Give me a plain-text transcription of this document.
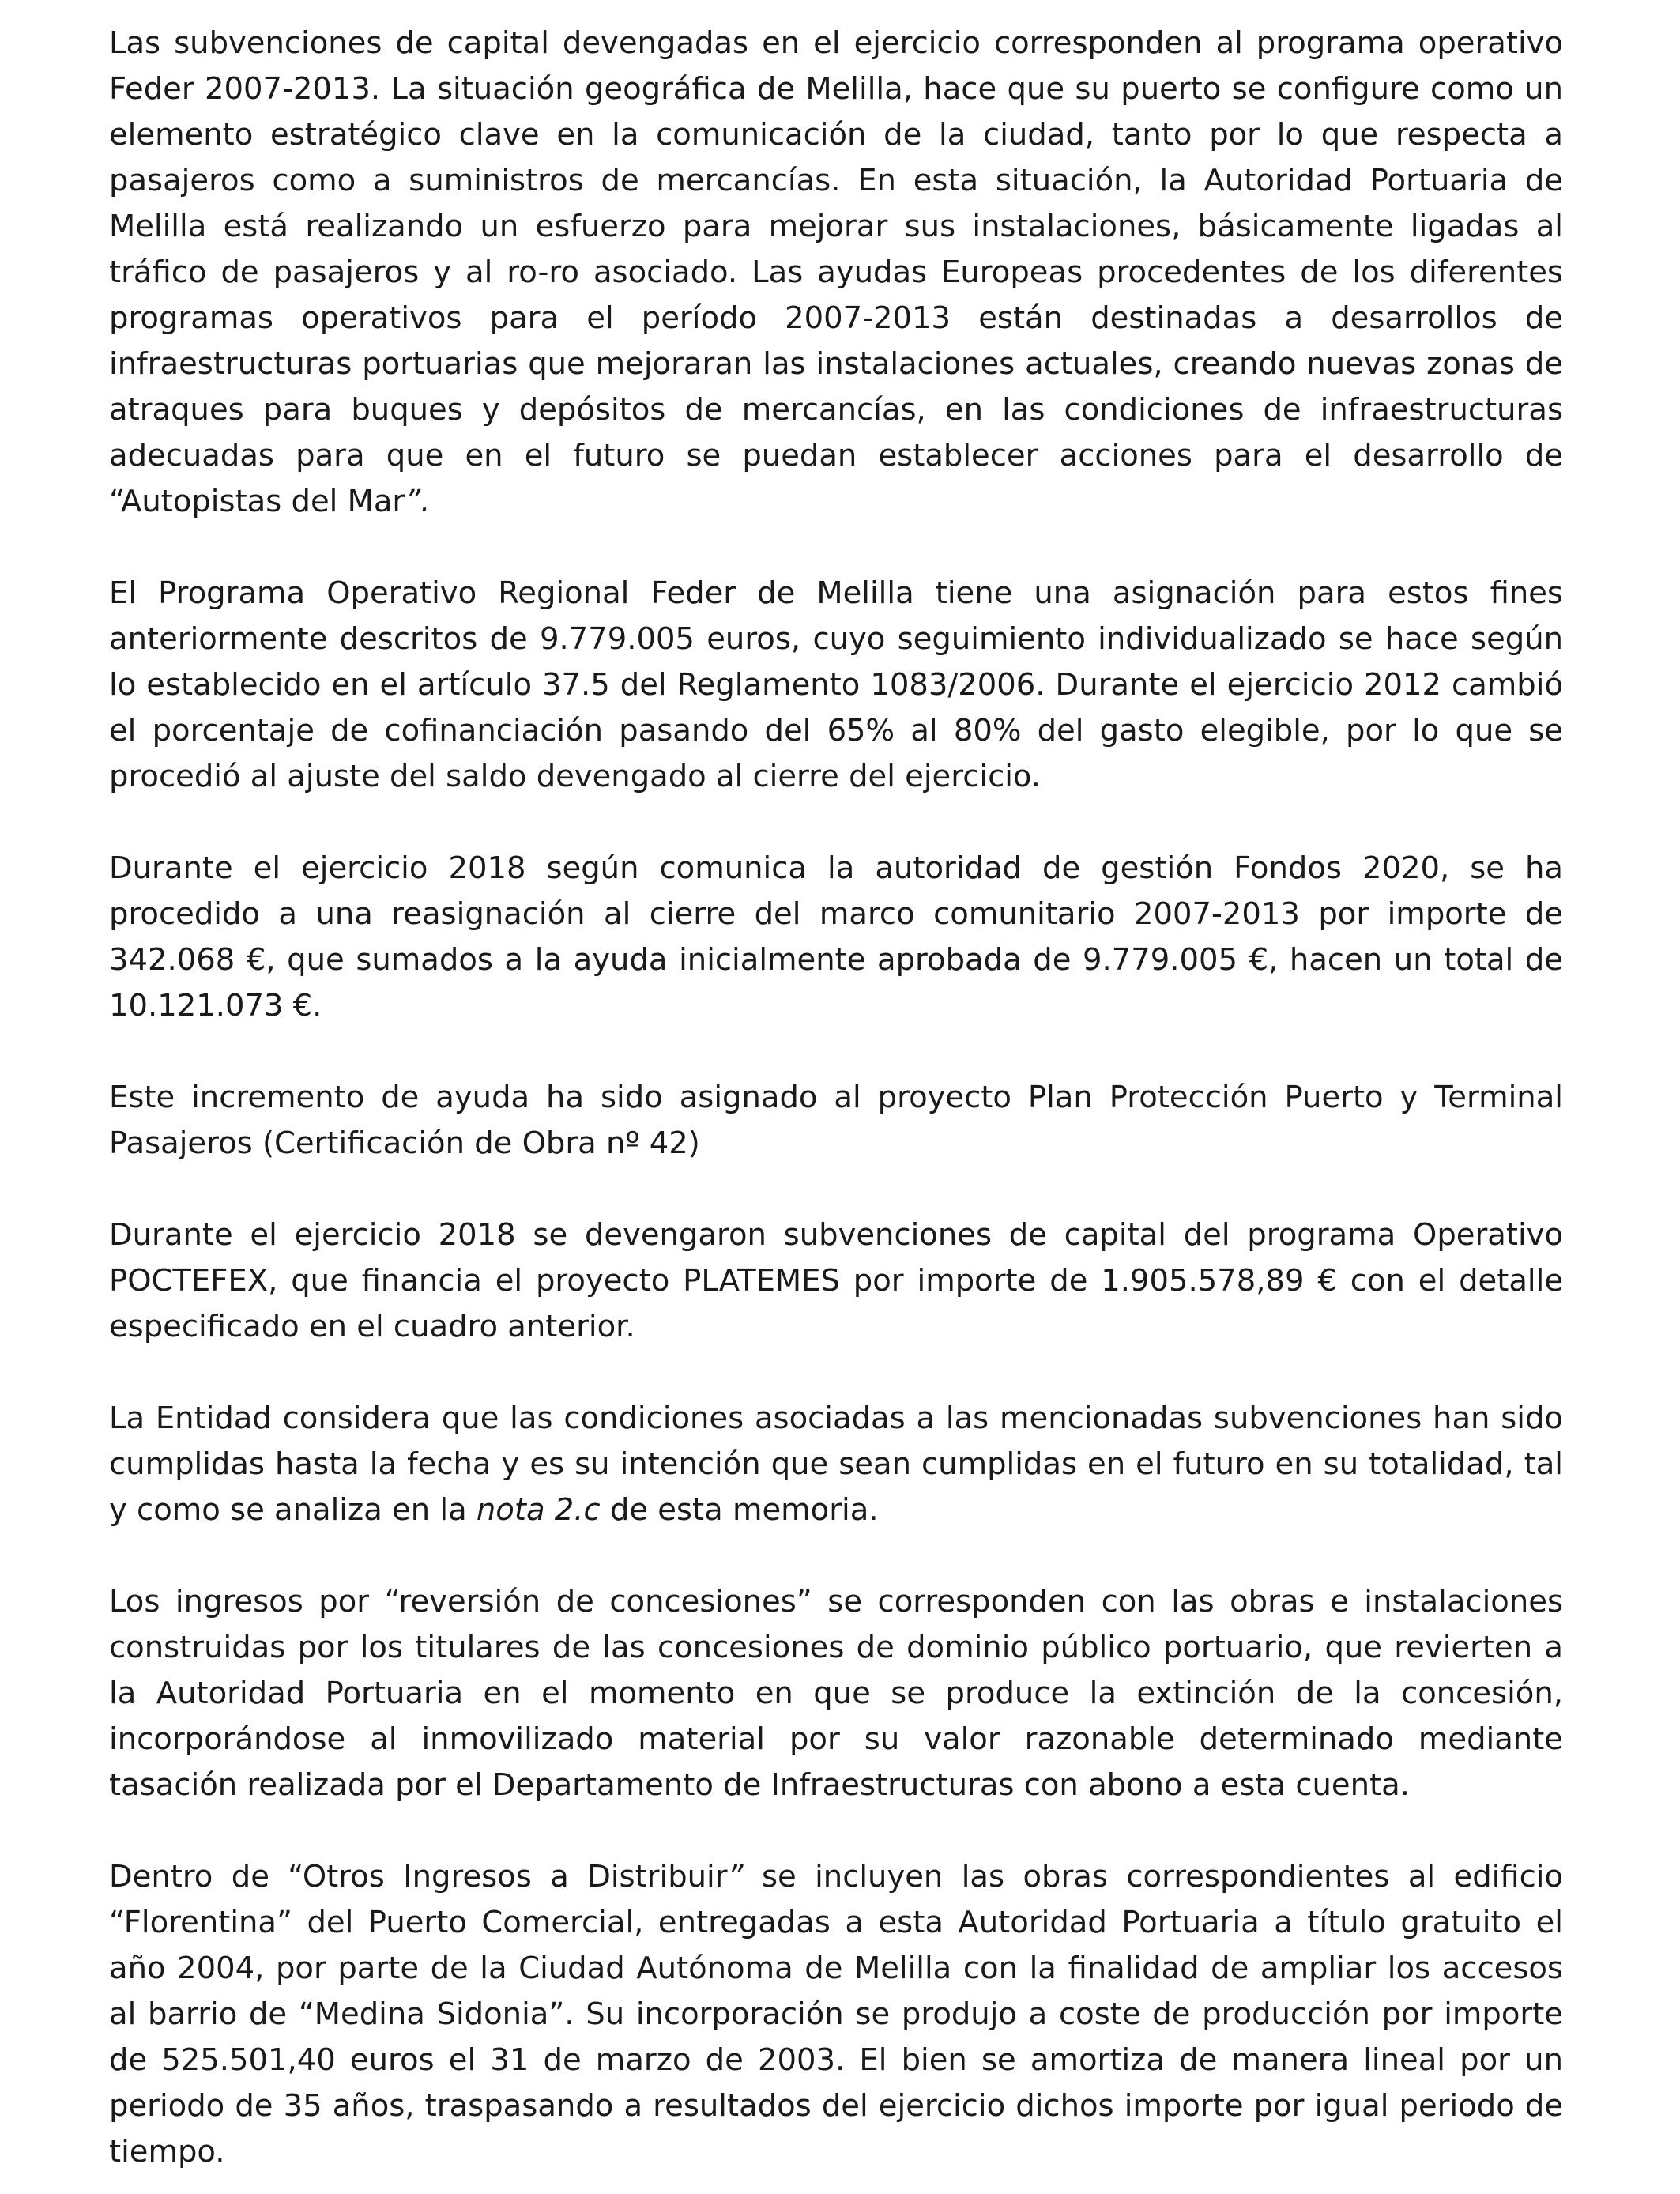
Las subvenciones de capital devengadas en el ejercicio corresponden al programa operativo Feder 2007-2013. La situación geográfica de Melilla, hace que su puerto se configure como un elemento estratégico clave en la comunicación de la ciudad, tanto por lo que respecta a pasajeros como a suministros de mercancías. En esta situación, la Autoridad Portuaria de Melilla está realizando un esfuerzo para mejorar sus instalaciones, básicamente ligadas al tráfico de pasajeros y al ro-ro asociado. Las ayudas Europeas procedentes de los diferentes programas operativos para el período 2007-2013 están destinadas a desarrollos de infraestructuras portuarias que mejoraran las instalaciones actuales, creando nuevas zonas de atraques para buques y depósitos de mercancías, en las condiciones de infraestructuras adecuadas para que en el futuro se puedan establecer acciones para el desarrollo de “Autopistas del Mar”.

El Programa Operativo Regional Feder de Melilla tiene una asignación para estos fines anteriormente descritos de 9.779.005 euros, cuyo seguimiento individualizado se hace según lo establecido en el artículo 37.5 del Reglamento 1083/2006. Durante el ejercicio 2012 cambió el porcentaje de cofinanciación pasando del 65% al 80% del gasto elegible, por lo que se procedió al ajuste del saldo devengado al cierre del ejercicio.

Durante el ejercicio 2018 según comunica la autoridad de gestión Fondos 2020, se ha procedido a una reasignación al cierre del marco comunitario 2007-2013 por importe de 342.068 €, que sumados a la ayuda inicialmente aprobada de 9.779.005 €, hacen un total de 10.121.073 €.

Este incremento de ayuda ha sido asignado al proyecto Plan Protección Puerto y Terminal Pasajeros (Certificación de Obra nº 42)

Durante el ejercicio 2018 se devengaron subvenciones de capital del programa Operativo POCTEFEX, que financia el proyecto PLATEMES por importe de 1.905.578,89 € con el detalle especificado en el cuadro anterior.

La Entidad considera que las condiciones asociadas a las mencionadas subvenciones han sido cumplidas hasta la fecha y es su intención que sean cumplidas en el futuro en su totalidad, tal y como se analiza en la nota 2.c de esta memoria.

Los ingresos por “reversión de concesiones” se corresponden con las obras e instalaciones construidas por los titulares de las concesiones de dominio público portuario, que revierten a la Autoridad Portuaria en el momento en que se produce la extinción de la concesión, incorporándose al inmovilizado material por su valor razonable determinado mediante tasación realizada por el Departamento de Infraestructuras con abono a esta cuenta.

Dentro de “Otros Ingresos a Distribuir” se incluyen las obras correspondientes al edificio “Florentina” del Puerto Comercial, entregadas a esta Autoridad Portuaria a título gratuito el año 2004, por parte de la Ciudad Autónoma de Melilla con la finalidad de ampliar los accesos al barrio de “Medina Sidonia”. Su incorporación se produjo a coste de producción por importe de 525.501,40 euros el 31 de marzo de 2003. El bien se amortiza de manera lineal por un periodo de 35 años, traspasando a resultados del ejercicio dichos importe por igual periodo de tiempo.
